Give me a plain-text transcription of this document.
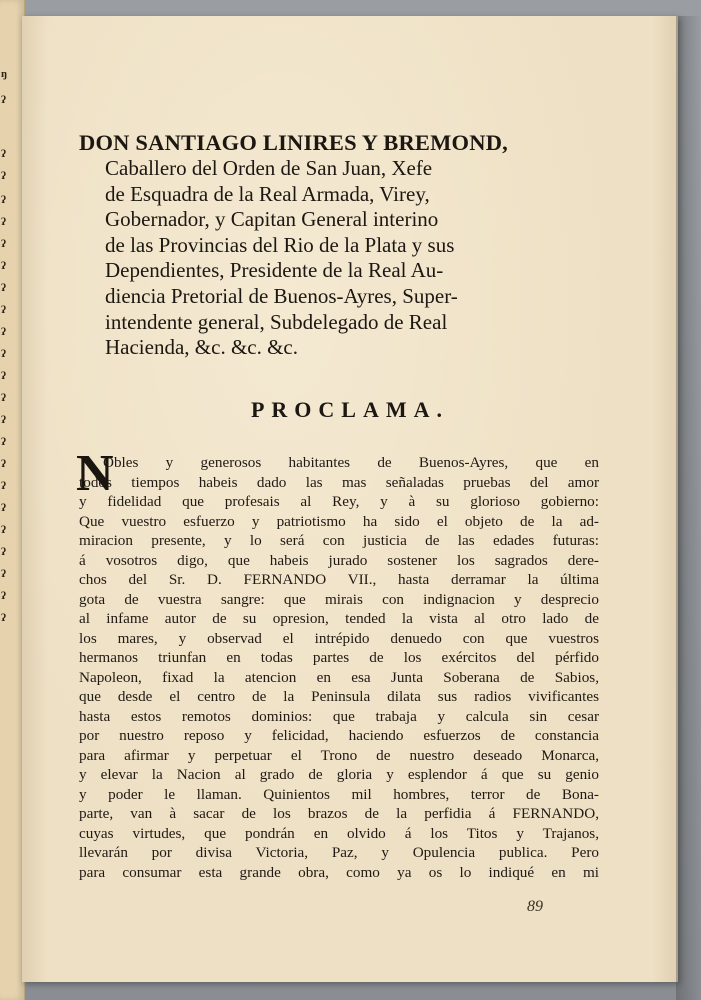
ŋ
ʔ
ʔ
ʔ
ʔ
ʔ
ʔ
ʔ
ʔ
ʔ
ʔ
ʔ
ʔ
ʔ
ʔ
ʔ
ʔ
ʔ
ʔ
ʔ
ʔ
ʔ
ʔ
ʔ
DON SANTIAGO LINIRES Y BREMOND,
Caballero del Orden de San Juan, Xefe
de Esquadra de la Real Armada, Virey,
Gobernador, y Capitan General interino
de las Provincias del Rio de la Plata y sus
Dependientes, Presidente de la Real Au-
diencia Pretorial de Buenos-Ayres, Super-
intendente general, Subdelegado de Real
Hacienda, &c. &c. &c.
PROCLAMA.
N
Obles y generosos habitantes de Buenos-Ayres, que en
todos tiempos habeis dado las mas señaladas pruebas del amor
y fidelidad que profesais al Rey, y à su glorioso gobierno:
Que vuestro esfuerzo y patriotismo ha sido el objeto de la ad-
miracion presente, y lo será con justicia de las edades futuras:
á vosotros digo, que habeis jurado sostener los sagrados dere-
chos del Sr. D. FERNANDO VII., hasta derramar la última
gota de vuestra sangre: que mirais con indignacion y desprecio
al infame autor de su opresion, tended la vista al otro lado de
los mares, y observad el intrépido denuedo con que vuestros
hermanos triunfan en todas partes de los exércitos del pérfido
Napoleon, fixad la atencion en esa Junta Soberana de Sabios,
que desde el centro de la Peninsula dilata sus radios vivificantes
hasta estos remotos dominios: que trabaja y calcula sin cesar
por nuestro reposo y felicidad, haciendo esfuerzos de constancia
para afirmar y perpetuar el Trono de nuestro deseado Monarca,
y elevar la Nacion al grado de gloria y esplendor á que su genio
y poder le llaman. Quinientos mil hombres, terror de Bona-
parte, van à sacar de los brazos de la perfidia á FERNANDO,
cuyas virtudes, que pondrán en olvido á los Titos y Trajanos,
llevarán por divisa Victoria, Paz, y Opulencia publica. Pero
para consumar esta grande obra, como ya os lo indiqué en mi
89
